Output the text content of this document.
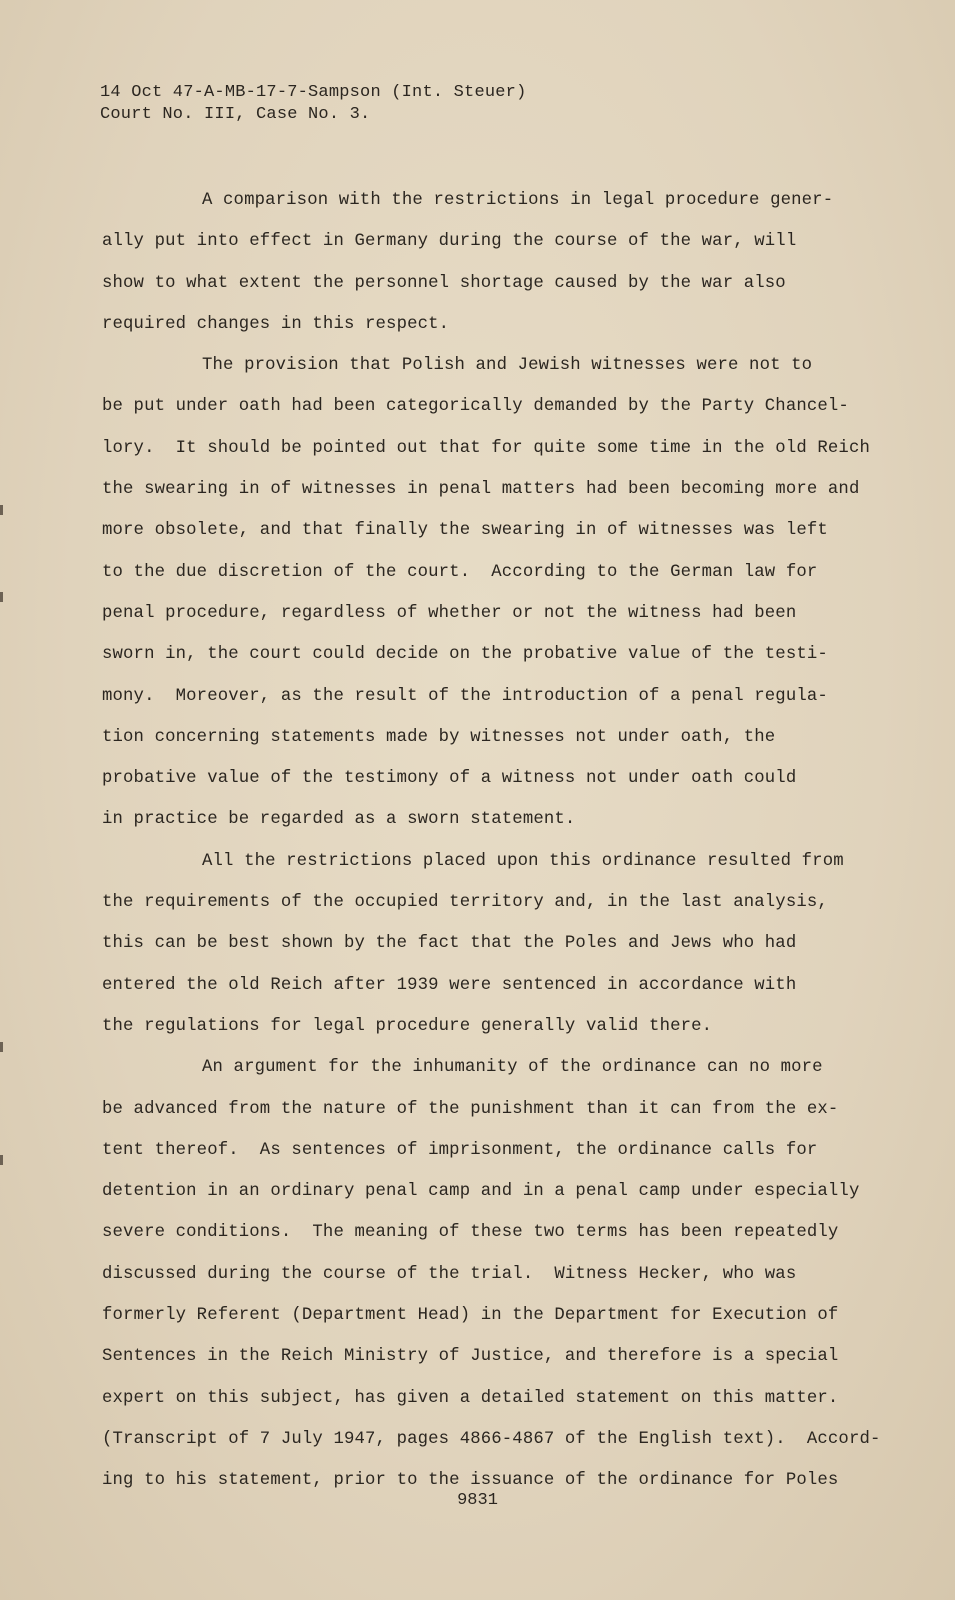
14 Oct 47-A-MB-17-7-Sampson (Int. Steuer)
Court No. III, Case No. 3.
A comparison with the restrictions in legal procedure gener-
ally put into effect in Germany during the course of the war, will
show to what extent the personnel shortage caused by the war also
required changes in this respect.
The provision that Polish and Jewish witnesses were not to
be put under oath had been categorically demanded by the Party Chancel-
lory.  It should be pointed out that for quite some time in the old Reich
the swearing in of witnesses in penal matters had been becoming more and
more obsolete, and that finally the swearing in of witnesses was left
to the due discretion of the court.  According to the German law for
penal procedure, regardless of whether or not the witness had been
sworn in, the court could decide on the probative value of the testi-
mony.  Moreover, as the result of the introduction of a penal regula-
tion concerning statements made by witnesses not under oath, the
probative value of the testimony of a witness not under oath could
in practice be regarded as a sworn statement.
All the restrictions placed upon this ordinance resulted from
the requirements of the occupied territory and, in the last analysis,
this can be best shown by the fact that the Poles and Jews who had
entered the old Reich after 1939 were sentenced in accordance with
the regulations for legal procedure generally valid there.
An argument for the inhumanity of the ordinance can no more
be advanced from the nature of the punishment than it can from the ex-
tent thereof.  As sentences of imprisonment, the ordinance calls for
detention in an ordinary penal camp and in a penal camp under especially
severe conditions.  The meaning of these two terms has been repeatedly
discussed during the course of the trial.  Witness Hecker, who was
formerly Referent (Department Head) in the Department for Execution of
Sentences in the Reich Ministry of Justice, and therefore is a special
expert on this subject, has given a detailed statement on this matter.
(Transcript of 7 July 1947, pages 4866-4867 of the English text).  Accord-
ing to his statement, prior to the issuance of the ordinance for Poles
9831
